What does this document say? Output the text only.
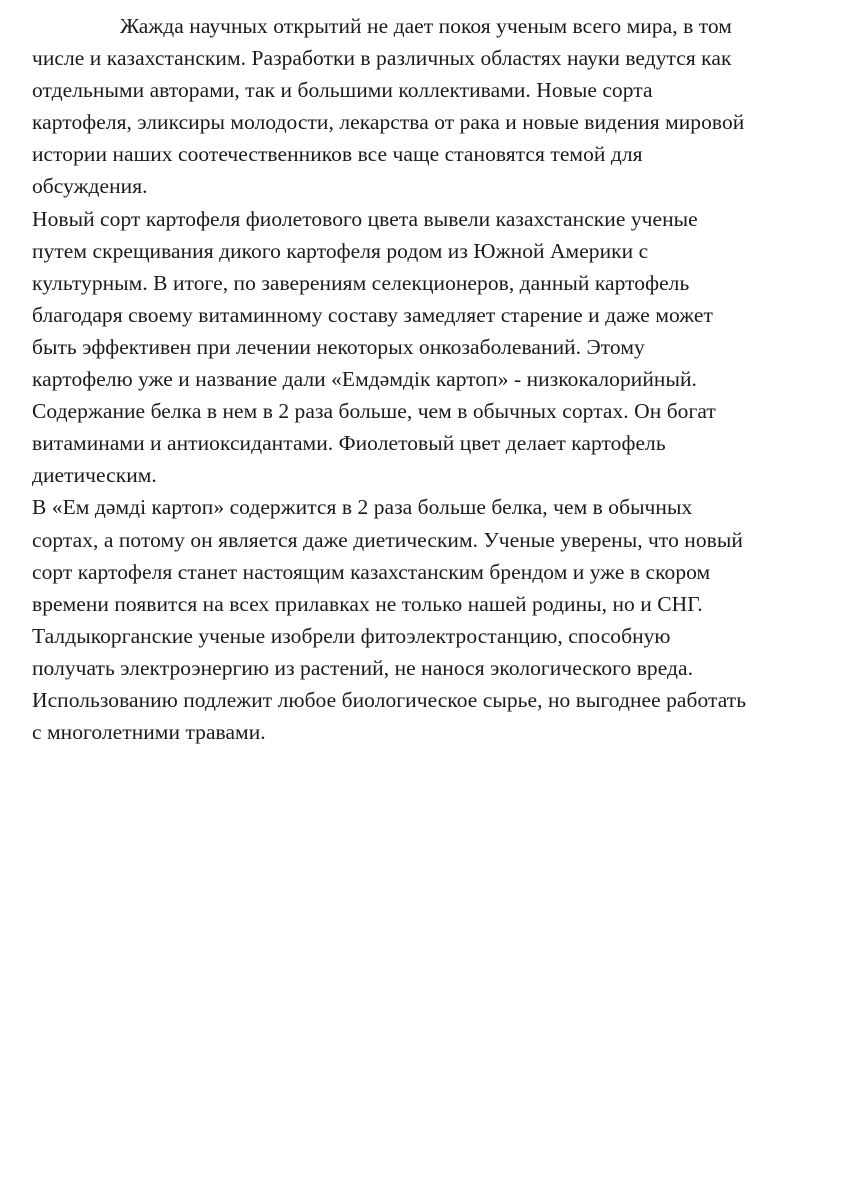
Жажда научных открытий не дает покоя ученым всего мира, в том
числе и казахстанским. Разработки в различных областях науки ведутся как
отдельными авторами, так и большими коллективами. Новые сорта
картофеля, эликсиры молодости, лекарства от рака и новые видения мировой
истории наших соотечественников все чаще становятся темой для
обсуждения.
Новый сорт картофеля фиолетового цвета вывели казахстанские ученые
путем скрещивания дикого картофеля родом из Южной Америки с
культурным. В итоге, по заверениям селекционеров, данный картофель
благодаря своему витаминному составу замедляет старение и даже может
быть эффективен при лечении некоторых онкозаболеваний. Этому
картофелю уже и название дали «Емдәмдік картоп» - низкокалорийный.
Содержание белка в нем в 2 раза больше, чем в обычных сортах. Он богат
витаминами и антиоксидантами. Фиолетовый цвет делает картофель
диетическим.
В «Ем дәмді картоп» содержится в 2 раза больше белка, чем в обычных
сортах, а потому он является даже диетическим. Ученые уверены, что новый
сорт картофеля станет настоящим казахстанским брендом и уже в скором
времени появится на всех прилавках не только нашей родины, но и СНГ.
Талдыкорганские ученые изобрели фитоэлектростанцию, способную
получать электроэнергию из растений, не нанося экологического вреда.
Использованию подлежит любое биологическое сырье, но выгоднее работать
с многолетними травами.
